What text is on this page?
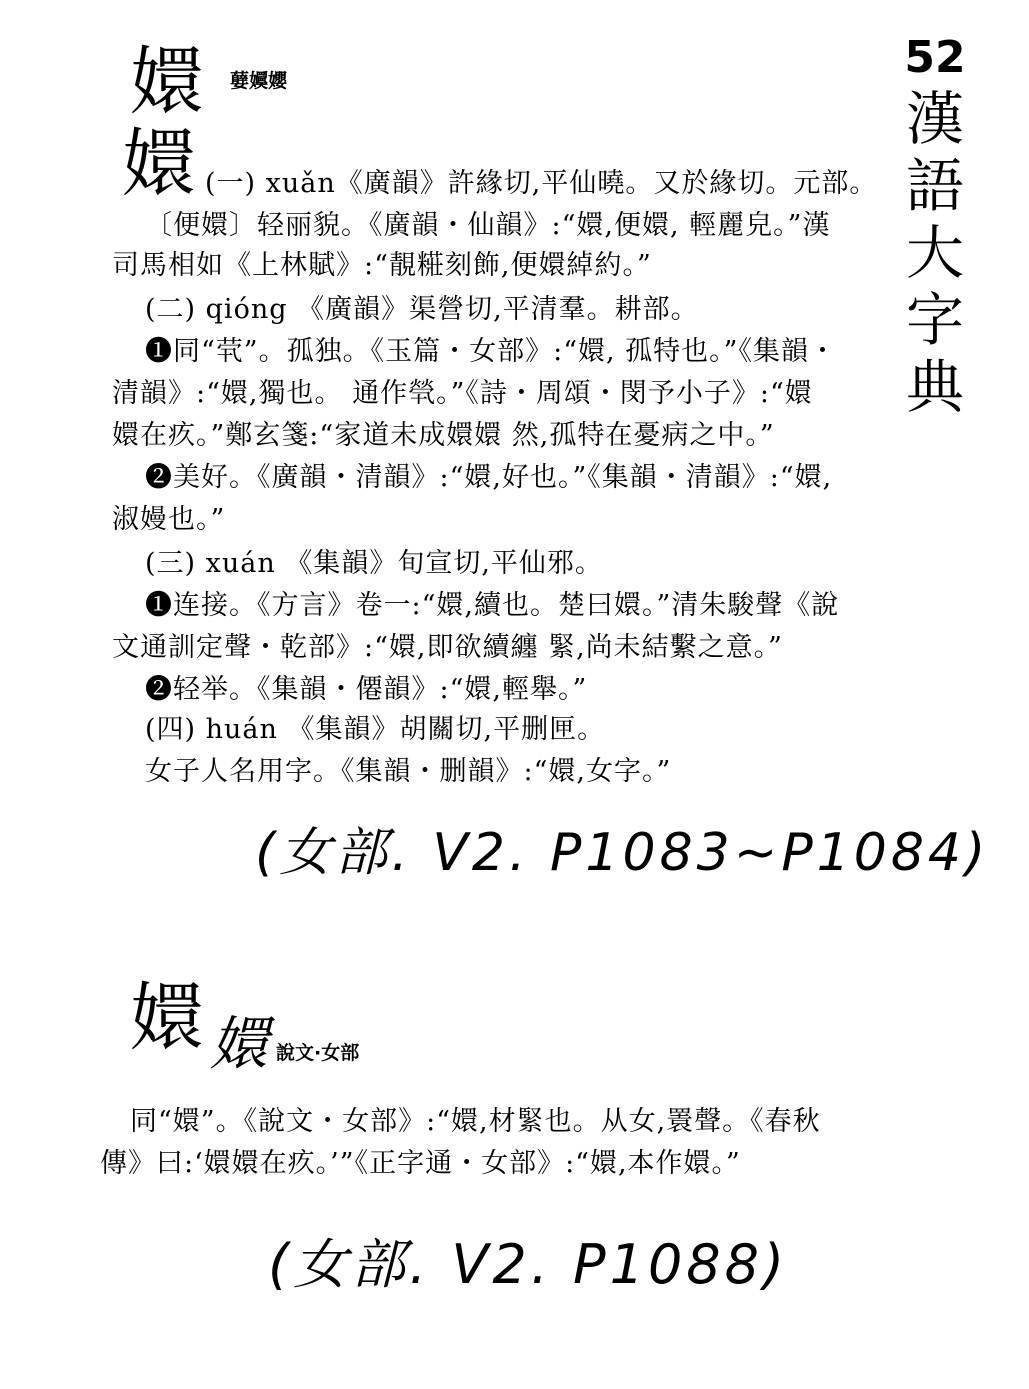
52
漢
語
大
字
典
嬛 㜸嬽孆
嬛 (一) xuǎn《廣韻》許緣切,平仙曉。又於緣切。元部。
〔便嬛〕轻丽貌。《廣韻・仙韻》:“嬛,便嬛, 輕麗皃。”漢
司馬相如《上林賦》:“靚糚刻飾,便嬛綽約。”
(二) qióng 《廣韻》渠營切,平清羣。耕部。
❶同“茕”。孤独。《玉篇・女部》:“嬛, 孤特也。”《集韻・
清韻》:“嬛,獨也。 通作煢。”《詩・周頌・閔予小子》:“嬛
嬛在疚。”鄭玄箋:“家道未成嬛嬛 然,孤特在憂病之中。”
❷美好。《廣韻・清韻》:“嬛,好也。”《集韻・清韻》:“嬛,
淑嫚也。”
(三) xuán 《集韻》旬宣切,平仙邪。
❶连接。《方言》卷一:“嬛,續也。楚曰嬛。”清朱駿聲《說
文通訓定聲・乾部》:“嬛,即欲續纏 緊,尚未結繫之意。”
❷轻举。《集韻・僊韻》:“嬛,輕舉。”
(四) huán 《集韻》胡關切,平删匣。
女子人名用字。《集韻・删韻》:“嬛,女字。”
(女部. V2. P1083~P1084)
嬛 嬛 說文·女部
同“嬛”。《說文・女部》:“嬛,材緊也。从女,瞏聲。《春秋
傳》曰:‘嬛嬛在疚。’”《正字通・女部》:“嬛,本作嬛。”
(女部. V2. P1088)
